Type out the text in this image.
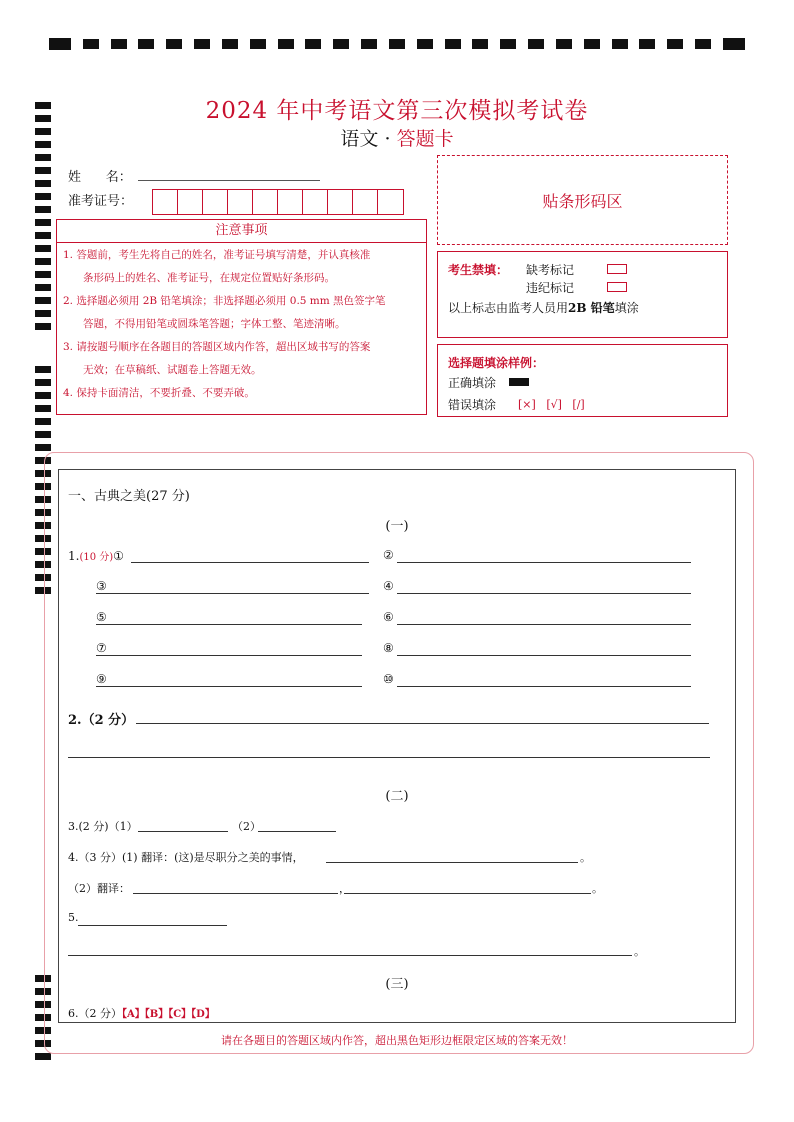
2024 年中考语文第三次模拟考试卷
语文 · 答题卡
姓      名：
准考证号：	贴条形码区
注意事项
1. 答题前，考生先将自己的姓名，准考证号填写清楚，并认真核准
条形码上的姓名、准考证号，在规定位置贴好条形码。
2. 选择题必须用 2B 铅笔填涂；非选择题必须用 0.5 mm 黑色签字笔
答题，不得用铅笔或圆珠笔答题；字体工整、笔迹清晰。
3. 请按题号顺序在各题目的答题区域内作答，超出区域书写的答案
无效；在草稿纸、试题卷上答题无效。
4. 保持卡面清洁，不要折叠、不要弄破。
考生禁填： 缺考标记
违纪标记
以上标志由监考人员用2B 铅笔填涂
选择题填涂样例：
正确填涂
错误填涂 [×] [√] [/]
一、古典之美(27 分)
(一)
1.(10 分)①	②
③	④
⑤	⑥
⑦	⑧
⑨	⑩
2.（2 分）
(二)
3.(2 分)（1）	（2）
4.（3 分）(1) 翻译：(这)是尽职分之美的事情，	。
（2）翻译：	，	。
5.
。
(三)
6.（2 分）【A】【B】【C】【D】
请在各题目的答题区域内作答，超出黑色矩形边框限定区域的答案无效！
